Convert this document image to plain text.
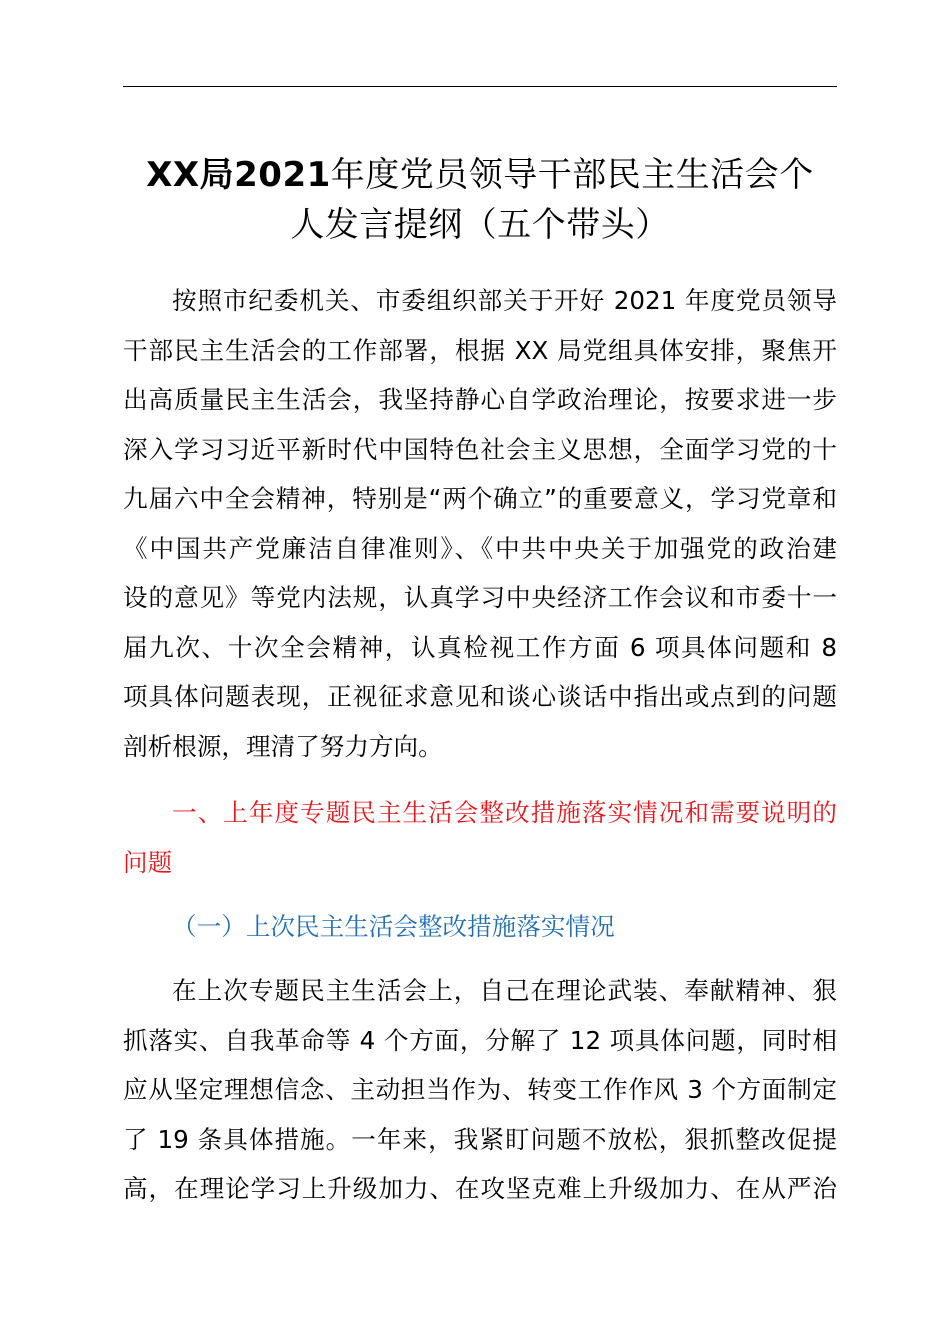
XX局2021年度党员领导干部民主生活会个
人发言提纲（五个带头）
按照市纪委机关、市委组织部关于开好 2021 年度党员领导
干部民主生活会的工作部署，根据 XX 局党组具体安排，聚焦开
出高质量民主生活会，我坚持静心自学政治理论，按要求进一步
深入学习习近平新时代中国特色社会主义思想，全面学习党的十
九届六中全会精神，特别是“两个确立”的重要意义，学习党章和
《中国共产党廉洁自律准则》、《中共中央关于加强党的政治建
设的意见》等党内法规，认真学习中央经济工作会议和市委十一
届九次、十次全会精神，认真检视工作方面 6 项具体问题和 8
项具体问题表现，正视征求意见和谈心谈话中指出或点到的问题
剖析根源，理清了努力方向。
一、上年度专题民主生活会整改措施落实情况和需要说明的
问题
（一）上次民主生活会整改措施落实情况
在上次专题民主生活会上，自己在理论武装、奉献精神、狠
抓落实、自我革命等 4 个方面，分解了 12 项具体问题，同时相
应从坚定理想信念、主动担当作为、转变工作作风 3 个方面制定
了 19 条具体措施。一年来，我紧盯问题不放松，狠抓整改促提
高，在理论学习上升级加力、在攻坚克难上升级加力、在从严治
